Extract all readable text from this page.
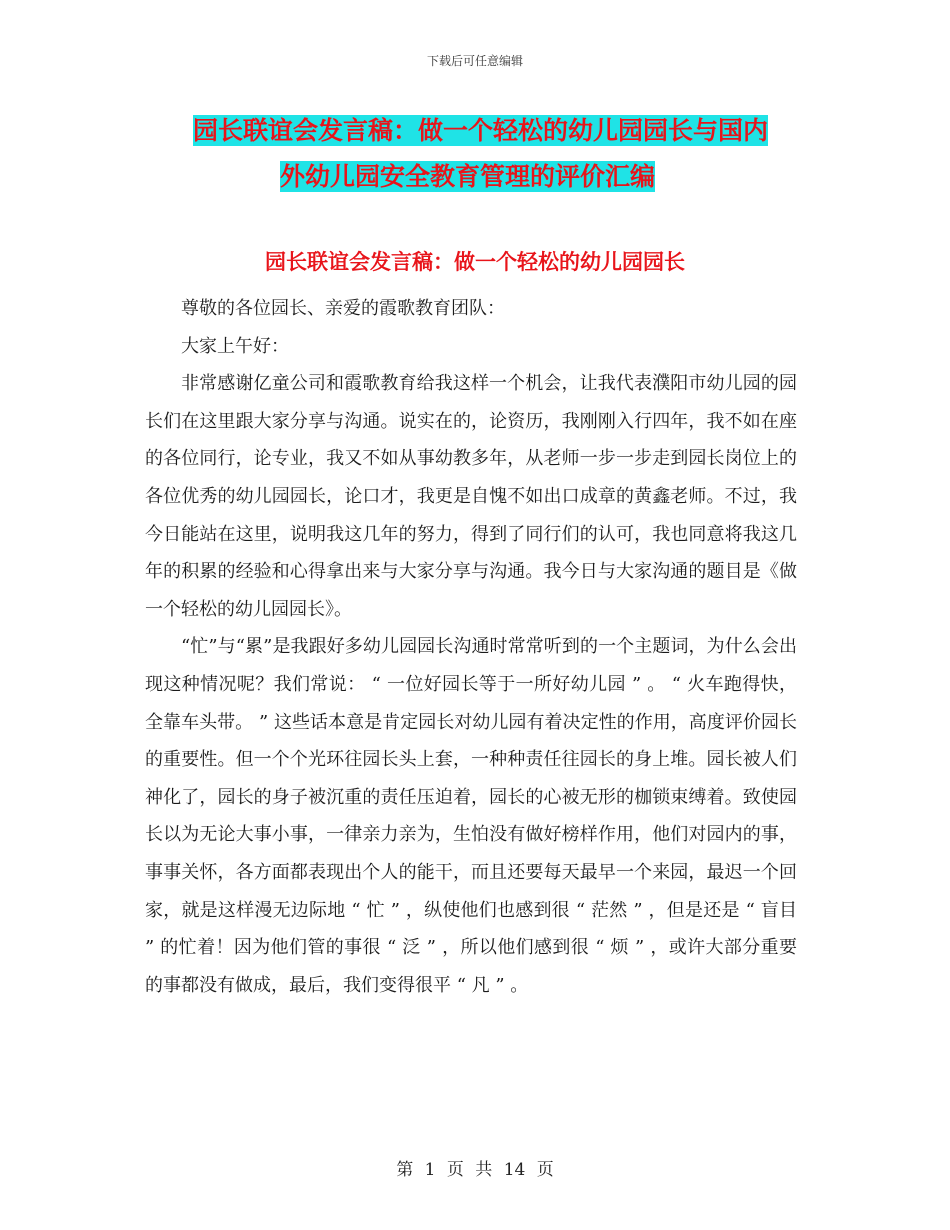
下载后可任意编辑
园长联谊会发言稿：做一个轻松的幼儿园园长与国内
外幼儿园安全教育管理的评价汇编
园长联谊会发言稿：做一个轻松的幼儿园园长

尊敬的各位园长、亲爱的霞歌教育团队：

大家上午好：

非常感谢亿童公司和霞歌教育给我这样一个机会，让我代表濮阳市幼儿园的园长们在这里跟大家分享与沟通。说实在的，论资历，我刚刚入行四年，我不如在座的各位同行，论专业，我又不如从事幼教多年，从老师一步一步走到园长岗位上的各位优秀的幼儿园园长，论口才，我更是自愧不如出口成章的黄鑫老师。不过，我今日能站在这里，说明我这几年的努力，得到了同行们的认可，我也同意将我这几年的积累的经验和心得拿出来与大家分享与沟通。我今日与大家沟通的题目是《做一个轻松的幼儿园园长》。

“忙”与“累”是我跟好多幼儿园园长沟通时常常听到的一个主题词，为什么会出现这种情况呢？我们常说： “ 一位好园长等于一所好幼儿园 ” 。 “ 火车跑得快，全靠车头带。 ” 这些话本意是肯定园长对幼儿园有着决定性的作用，高度评价园长的重要性。但一个个光环往园长头上套，一种种责任往园长的身上堆。园长被人们神化了，园长的身子被沉重的责任压迫着，园长的心被无形的枷锁束缚着。致使园长以为无论大事小事，一律亲力亲为，生怕没有做好榜样作用，他们对园内的事，事事关怀，各方面都表现出个人的能干，而且还要每天最早一个来园，最迟一个回家，就是这样漫无边际地 “ 忙 ” ，纵使他们也感到很 “ 茫然 ” ，但是还是 “ 盲目 ” 的忙着！因为他们管的事很 “ 泛 ” ，所以他们感到很 “ 烦 ” ，或许大部分重要的事都没有做成，最后，我们变得很平 “ 凡 ” 。

第 1 页 共 14 页
